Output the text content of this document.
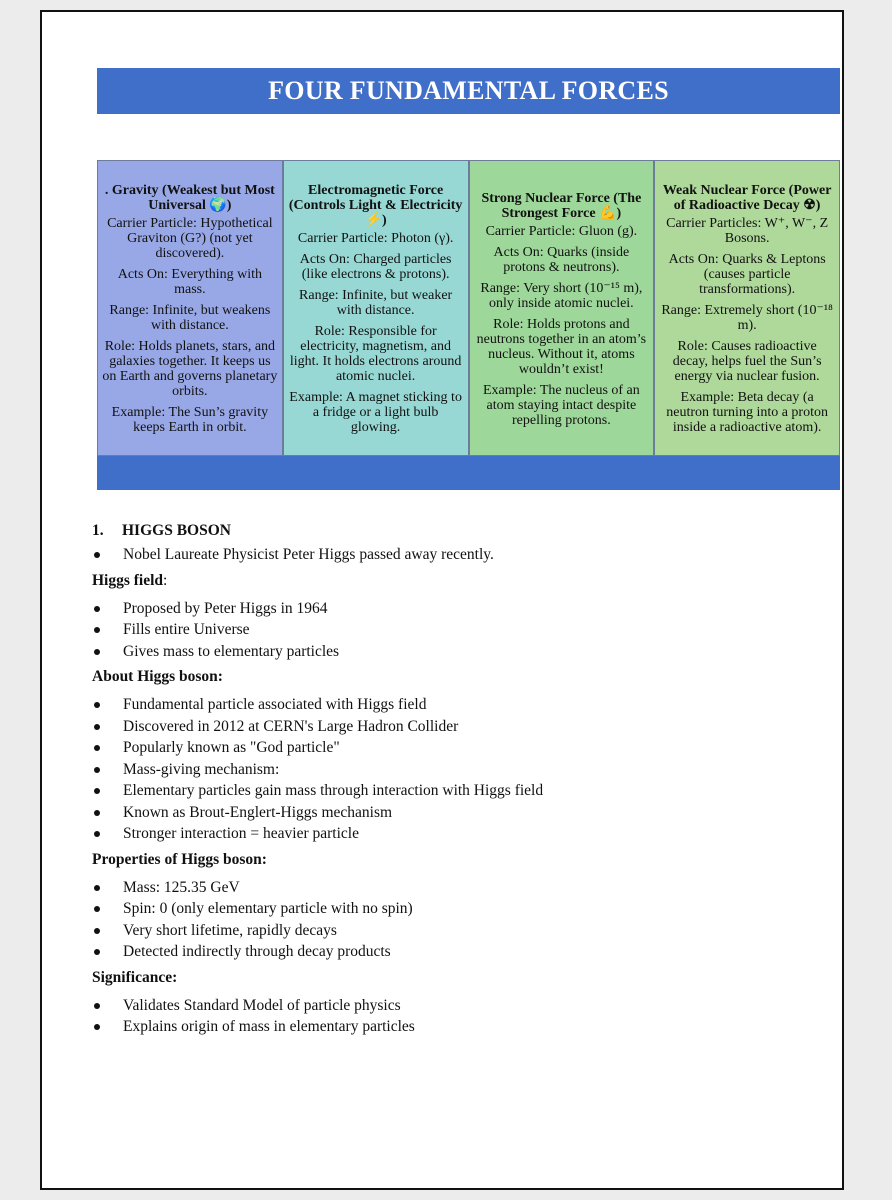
FOUR FUNDAMENTAL FORCES

. Gravity (Weakest but Most Universal 🌍)

Carrier Particle: Hypothetical Graviton (G?) (not yet discovered).

Acts On: Everything with mass.

Range: Infinite, but weakens with distance.

Role: Holds planets, stars, and galaxies together. It keeps us on Earth and governs planetary orbits.

Example: The Sun’s gravity keeps Earth in orbit.

Electromagnetic Force (Controls Light & Electricity ⚡)

Carrier Particle: Photon (γ).

Acts On: Charged particles (like electrons & protons).

Range: Infinite, but weaker with distance.

Role: Responsible for electricity, magnetism, and light. It holds electrons around atomic nuclei.

Example: A magnet sticking to a fridge or a light bulb glowing.

Strong Nuclear Force (The Strongest Force 💪)

Carrier Particle: Gluon (g).

Acts On: Quarks (inside protons & neutrons).

Range: Very short (10⁻¹⁵ m), only inside atomic nuclei.

Role: Holds protons and neutrons together in an atom’s nucleus. Without it, atoms wouldn’t exist!

Example: The nucleus of an atom staying intact despite repelling protons.

Weak Nuclear Force (Power of Radioactive Decay ☢)

Carrier Particles: W⁺, W⁻, Z Bosons.

Acts On: Quarks & Leptons (causes particle transformations).

Range: Extremely short (10⁻¹⁸ m).

Role: Causes radioactive decay, helps fuel the Sun’s energy via nuclear fusion.

Example: Beta decay (a neutron turning into a proton inside a radioactive atom).

1.	HIGGS BOSON
Nobel Laureate Physicist Peter Higgs passed away recently.
Higgs field:
Proposed by Peter Higgs in 1964
Fills entire Universe
Gives mass to elementary particles
About Higgs boson:
Fundamental particle associated with Higgs field
Discovered in 2012 at CERN's Large Hadron Collider
Popularly known as "God particle"
Mass-giving mechanism:
Elementary particles gain mass through interaction with Higgs field
Known as Brout-Englert-Higgs mechanism
Stronger interaction = heavier particle
Properties of Higgs boson:
Mass: 125.35 GeV
Spin: 0 (only elementary particle with no spin)
Very short lifetime, rapidly decays
Detected indirectly through decay products
Significance:
Validates Standard Model of particle physics
Explains origin of mass in elementary particles
